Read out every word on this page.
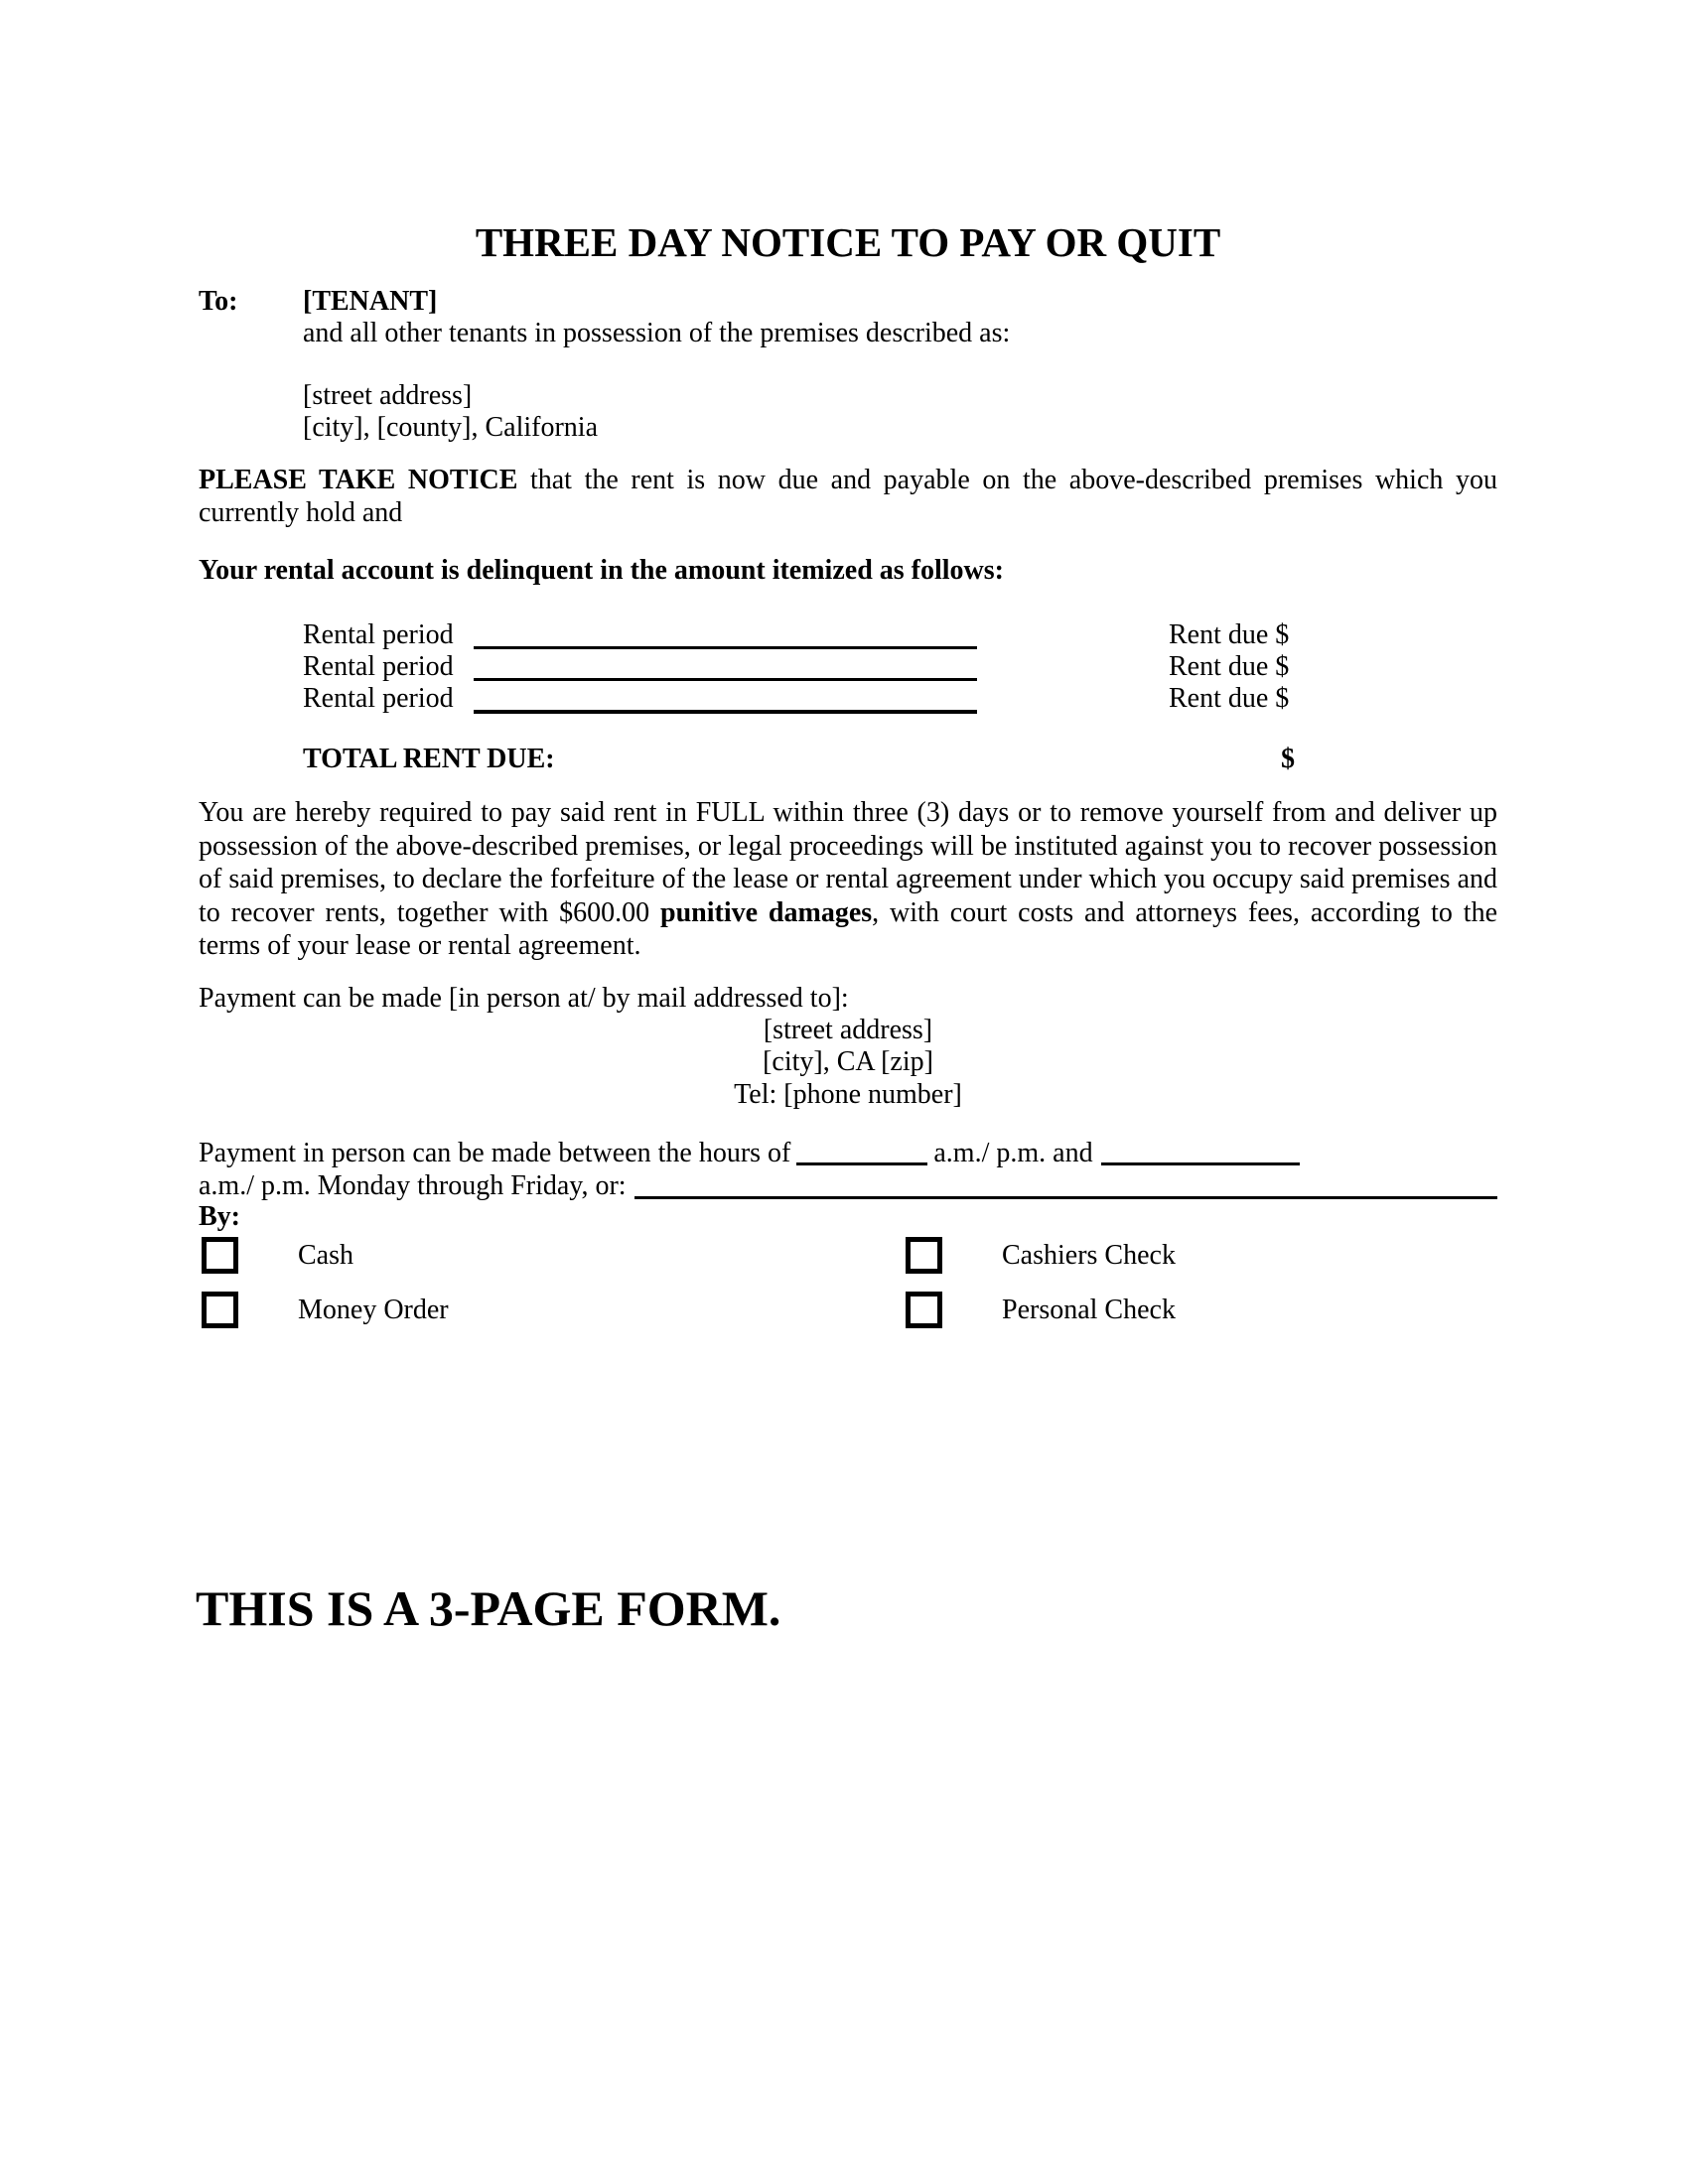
THREE DAY NOTICE TO PAY OR QUIT
To: [TENANT]
and all other tenants in possession of the premises described as:
[street address]
[city], [county], California
PLEASE TAKE NOTICE that the rent is now due and payable on the above-described premises which you currently hold and
Your rental account is delinquent in the amount itemized as follows:
Rental period	Rent due $
Rental period	Rent due $
Rental period	Rent due $
TOTAL RENT DUE:	$
You are hereby required to pay said rent in FULL within three (3) days or to remove yourself from and deliver up possession of the above-described premises, or legal proceedings will be instituted against you to recover possession of said premises, to declare the forfeiture of the lease or rental agreement under which you occupy said premises and to recover rents, together with $600.00 punitive damages, with court costs and attorneys fees, according to the terms of your lease or rental agreement.
Payment can be made [in person at/ by mail addressed to]:
[street address]
[city], CA [zip]
Tel: [phone number]
Payment in person can be made between the hours of	a.m./ p.m. and
a.m./ p.m. Monday through Friday, or:
By:
Cash	Cashiers Check
Money Order	Personal Check
THIS IS A 3-PAGE FORM.
